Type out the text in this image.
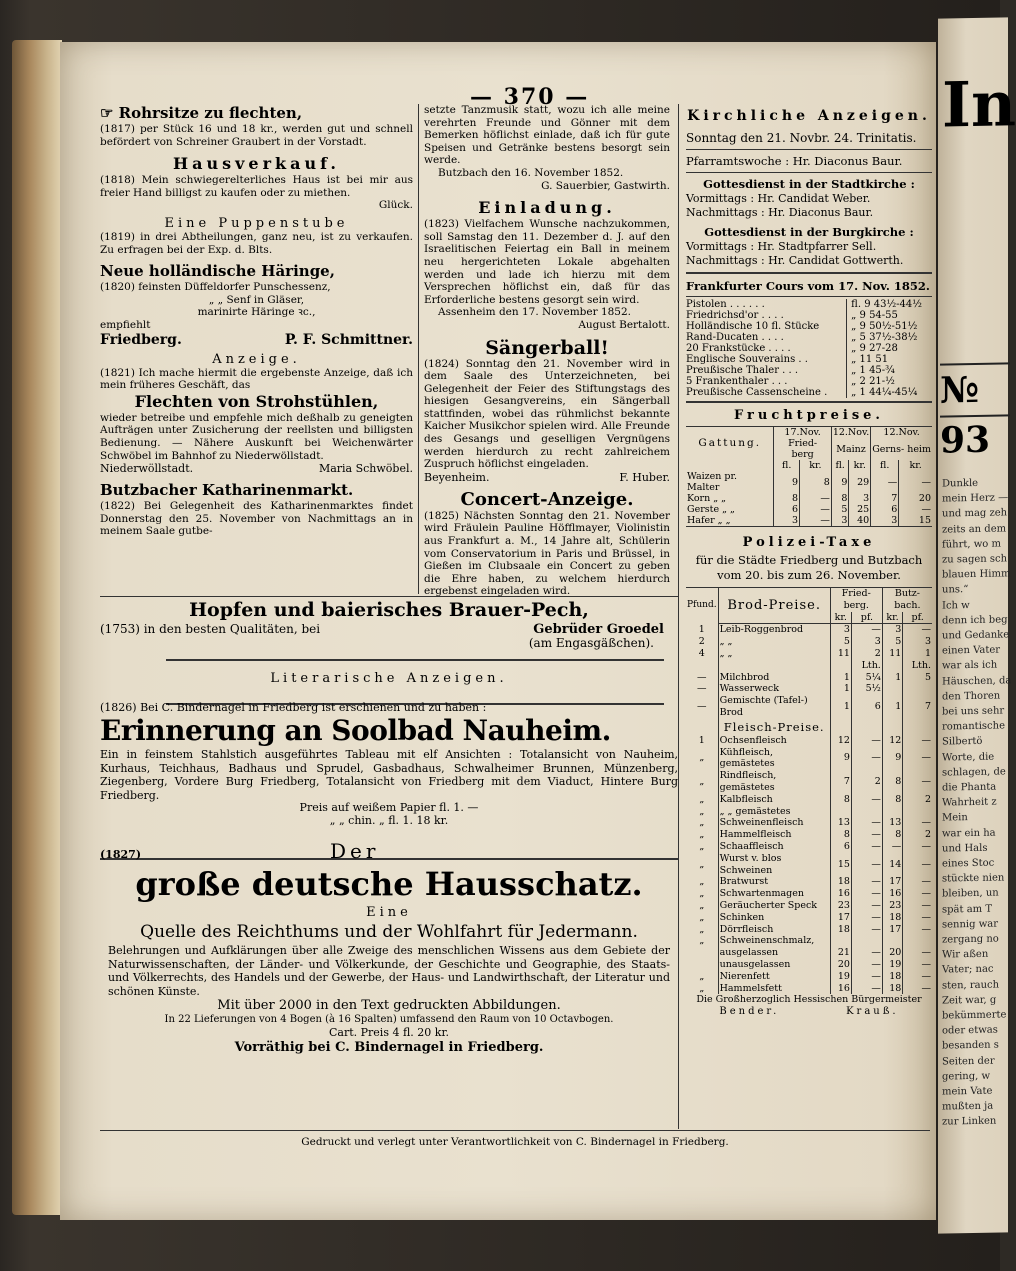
In
№ 93
Dunkle
mein Herz —
und mag zeh
zeits an dem
führt, wo m
zu sagen sch
blauen Himm
uns.“
Ich w
denn ich beg
und Gedanke
einen Vater
war als ich
Häuschen, da
den Thoren
bei uns sehr
romantische
Silbertö
Worte, die
schlagen, de
die Phanta
Wahrheit z
Mein
war ein ha
und Hals
eines Stoc
stückte nien
bleiben, un
spät am T
sennig war
zergang no
Wir aßen
Vater; nac
sten, rauch
Zeit war, g
bekümmerte
oder etwas
besanden s
Seiten der
gering, w
mein Vate
mußten ja
zur Linken
— 370 —

☞ Rohrsitze zu flechten,

(1817) per Stück 16 und 18 kr., werden gut und schnell befördert von Schreiner Graubert in der Vorstadt.

Hausverkauf.

(1818) Mein schwiegerelterliches Haus ist bei mir aus freier Hand billigst zu kaufen oder zu miethen.

Glück.

Eine Puppenstube

(1819) in drei Abtheilungen, ganz neu, ist zu verkaufen. Zu erfragen bei der Exp. d. Blts.

Neue holländische Häringe,

(1820) feinsten Düffeldorfer Punschessenz,

„ „ Senf in Gläser,

marinirte Häringe ꝛc.,

empfiehlt

Friedberg.	P. F. Schmittner.

Anzeige.

(1821) Ich mache hiermit die ergebenste Anzeige, daß ich mein früheres Geschäft, das

Flechten von Strohstühlen,

wieder betreibe und empfehle mich deßhalb zu geneigten Aufträgen unter Zusicherung der reellsten und billigsten Bedienung. — Nähere Auskunft bei Weichenwärter Schwöbel im Bahnhof zu Niederwöllstadt.

Niederwöllstadt.	Maria Schwöbel.

Butzbacher Katharinenmarkt.

(1822) Bei Gelegenheit des Katharinenmarktes findet Donnerstag den 25. November von Nachmittags an in meinem Saale gutbe-

setzte Tanzmusik statt, wozu ich alle meine verehrten Freunde und Gönner mit dem Bemerken höflichst einlade, daß ich für gute Speisen und Getränke bestens besorgt sein werde.

Butzbach den 16. November 1852.

G. Sauerbier, Gastwirth.

Einladung.

(1823) Vielfachem Wunsche nachzukommen, soll Samstag den 11. Dezember d. J. auf den Israelitischen Feiertag ein Ball in meinem neu hergerichteten Lokale abgehalten werden und lade ich hierzu mit dem Versprechen höflichst ein, daß für das Erforderliche bestens gesorgt sein wird.

Assenheim den 17. November 1852.

August Bertalott.

Sängerball!

(1824) Sonntag den 21. November wird in dem Saale des Unterzeichneten, bei Gelegenheit der Feier des Stiftungstags des hiesigen Gesangvereins, ein Sängerball stattfinden, wobei das rühmlichst bekannte Kaicher Musikchor spielen wird. Alle Freunde des Gesangs und geselligen Vergnügens werden hierdurch zu recht zahlreichem Zuspruch höflichst eingeladen.

Beyenheim.	F. Huber.

Concert-Anzeige.

(1825) Nächsten Sonntag den 21. November wird Fräulein Pauline Höfflmayer, Violinistin aus Frankfurt a. M., 14 Jahre alt, Schülerin vom Conservatorium in Paris und Brüssel, in Gießen im Clubsaale ein Concert zu geben die Ehre haben, zu welchem hierdurch ergebenst eingeladen wird.

Kirchliche Anzeigen.

Sonntag den 21. Novbr. 24. Trinitatis.

Pfarramtswoche : Hr. Diaconus Baur.

Gottesdienst in der Stadtkirche :

Vormittags : Hr. Candidat Weber.

Nachmittags : Hr. Diaconus Baur.

Gottesdienst in der Burgkirche :

Vormittags : Hr. Stadtpfarrer Sell.

Nachmittags : Hr. Candidat Gottwerth.

Frankfurter Cours vom 17. Nov. 1852.

Pistolen . . . . . .	fl. 9 43½-44½
Friedrichsd'or . . . .	„ 9 54-55
Holländische 10 fl. Stücke	„ 9 50½-51½
Rand-Ducaten . . . .	„ 5 37½-38½
20 Frankstücke . . . .	„ 9 27-28
Englische Souverains . .	„ 11 51
Preußische Thaler . . .	„ 1 45-¾
5 Frankenthaler . . .	„ 2 21-½
Preußische Cassenscheine .	„ 1 44¼-45¼

Fruchtpreise.

Gattung.	17.Nov.		12.Nov.		12.Nov.	
	Fried- berg		Mainz		Gerns- heim	
	fl.	kr.	fl.	kr.	fl.	kr.
Waizen pr. Malter	9	8	9	29	—	—
Korn „ „	8	—	8	3	7	20
Gerste „ „	6	—	5	25	6	—
Hafer „ „	3	—	3	40	3	15

Polizei-Taxe

für die Städte Friedberg und Butzbach

vom 20. bis zum 26. November.

Pfund.	Brod-Preise.	Fried- berg.		Butz- bach.	
		kr.	pf.	kr.	pf.
1	Leib-Roggenbrod	3	—	3	—
2	„ „	5	3	5	3
4	„ „	11	2	11	1
			Lth.		Lth.
—	Milchbrod	1	5¼	1	5
—	Wasserweck	1	5½		
—	Gemischte (Tafel-) Brod	1	6	1	7
	Fleisch-Preise.				
1	Ochsenfleisch	12	—	12	—
„	Kühfleisch, gemästetes	9	—	9	—
„	Rindfleisch, gemästetes	7	2	8	—
„	Kalbfleisch	8	—	8	2
„	„ „ gemästetes				
„	Schweinenfleisch	13	—	13	—
„	Hammelfleisch	8	—	8	2
„	Schaaffleisch	6	—	—	—
„	Wurst v. blos Schweinen	15	—	14	—
„	Bratwurst	18	—	17	—
„	Schwartenmagen	16	—	16	—
„	Geräucherter Speck	23	—	23	—
„	Schinken	17	—	18	—
„	Dörrfleisch	18	—	17	—
„	Schweinenschmalz,				
	ausgelassen	21	—	20	—
	unausgelassen	20	—	19	—
„	Nierenfett	19	—	18	—
„	Hammelsfett	16	—	18	—

Die Großherzoglich Hessischen Bürgermeister

Bender.	Krauß.

Hopfen und baierisches Brauer-Pech,

(1753) in den besten Qualitäten, bei	Gebrüder Groedel

(am Engasgäßchen).

Literarische Anzeigen.

(1826) Bei C. Bindernagel in Friedberg ist erschienen und zu haben :

Erinnerung an Soolbad Nauheim.

Ein in feinstem Stahlstich ausgeführtes Tableau mit elf Ansichten : Totalansicht von Nauheim, Kurhaus, Teichhaus, Badhaus und Sprudel, Gasbadhaus, Schwalheimer Brunnen, Münzenberg, Ziegenberg, Vordere Burg Friedberg, Totalansicht von Friedberg mit dem Viaduct, Hintere Burg Friedberg.

Preis auf weißem Papier fl. 1. —

„ „ chin. „ fl. 1. 18 kr.

(1827)	Der

große deutsche Hausschatz.

Eine

Quelle des Reichthums und der Wohlfahrt für Jedermann.

Belehrungen und Aufklärungen über alle Zweige des menschlichen Wissens aus dem Gebiete der Naturwissenschaften, der Länder- und Völkerkunde, der Geschichte und Geographie, des Staats- und Völkerrechts, des Handels und der Gewerbe, der Haus- und Landwirthschaft, der Literatur und schönen Künste.

Mit über 2000 in den Text gedruckten Abbildungen.

In 22 Lieferungen von 4 Bogen (à 16 Spalten) umfassend den Raum von 10 Octavbogen.

Cart. Preis 4 fl. 20 kr.

Vorräthig bei C. Bindernagel in Friedberg.

Gedruckt und verlegt unter Verantwortlichkeit von C. Bindernagel in Friedberg.
